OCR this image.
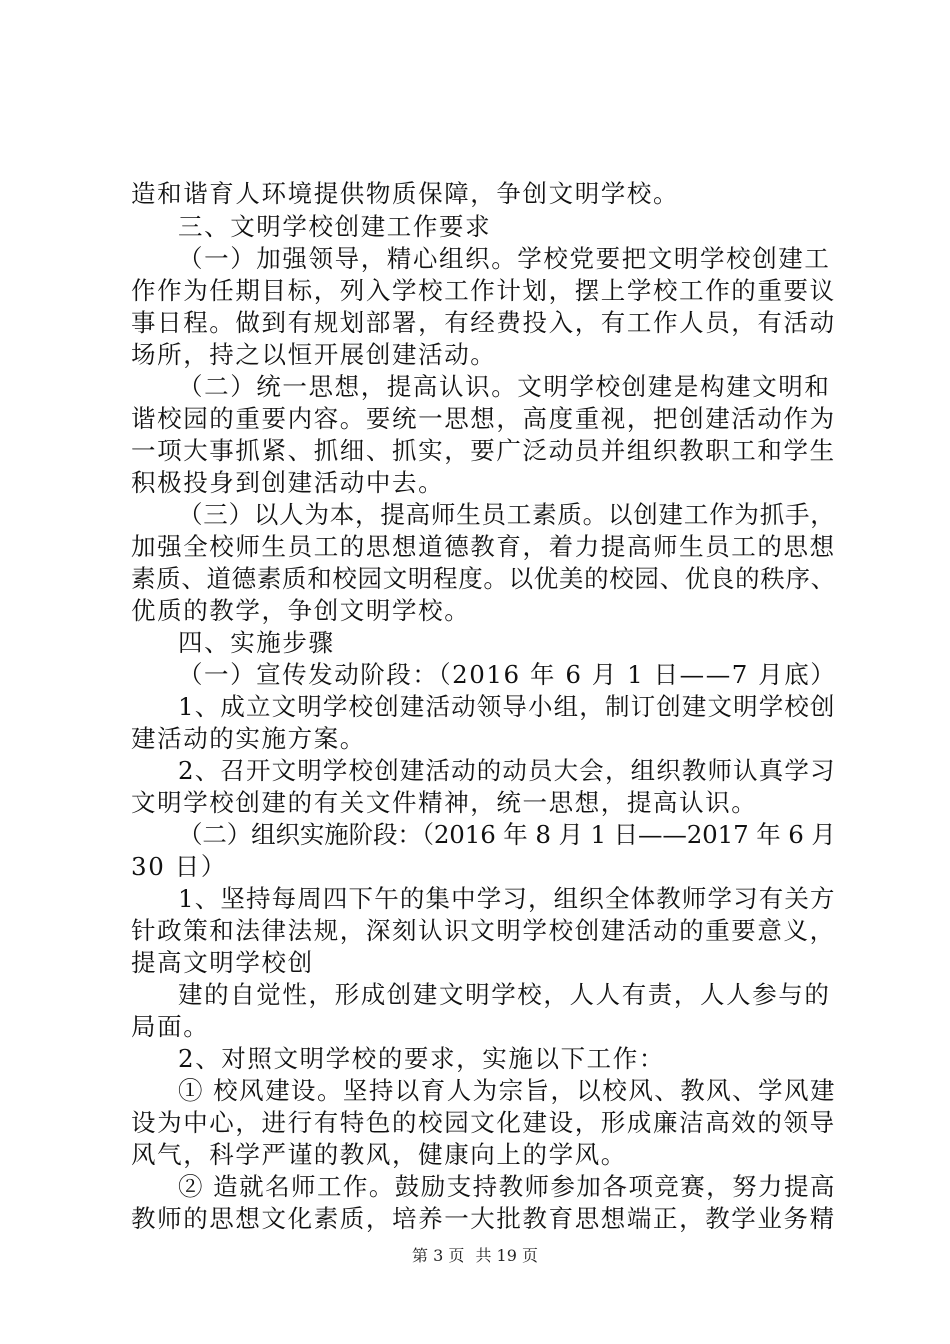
造和谐育人环境提供物质保障，争创文明学校。
三、文明学校创建工作要求
（一）加强领导，精心组织。学校党要把文明学校创建工
作作为任期目标，列入学校工作计划，摆上学校工作的重要议
事日程。做到有规划部署，有经费投入，有工作人员，有活动
场所，持之以恒开展创建活动。
（二）统一思想，提高认识。文明学校创建是构建文明和
谐校园的重要内容。要统一思想，高度重视，把创建活动作为
一项大事抓紧、抓细、抓实，要广泛动员并组织教职工和学生
积极投身到创建活动中去。
（三）以人为本，提高师生员工素质。以创建工作为抓手，
加强全校师生员工的思想道德教育，着力提高师生员工的思想
素质、道德素质和校园文明程度。以优美的校园、优良的秩序、
优质的教学，争创文明学校。
四、实施步骤
（一）宣传发动阶段：（2016 年 6 月 1 日——7 月底）
1、成立文明学校创建活动领导小组，制订创建文明学校创
建活动的实施方案。
2、召开文明学校创建活动的动员大会，组织教师认真学习
文明学校创建的有关文件精神，统一思想，提高认识。
（二）组织实施阶段：（2016 年 8 月 1 日——2017 年 6 月
30 日）
1、坚持每周四下午的集中学习，组织全体教师学习有关方
针政策和法律法规，深刻认识文明学校创建活动的重要意义，
提高文明学校创
建的自觉性，形成创建文明学校，人人有责，人人参与的
局面。
2、对照文明学校的要求，实施以下工作：
① 校风建设。坚持以育人为宗旨，以校风、教风、学风建
设为中心，进行有特色的校园文化建设，形成廉洁高效的领导
风气，科学严谨的教风，健康向上的学风。
② 造就名师工作。鼓励支持教师参加各项竞赛，努力提高
教师的思想文化素质，培养一大批教育思想端正，教学业务精
第 3 页 共 19 页
